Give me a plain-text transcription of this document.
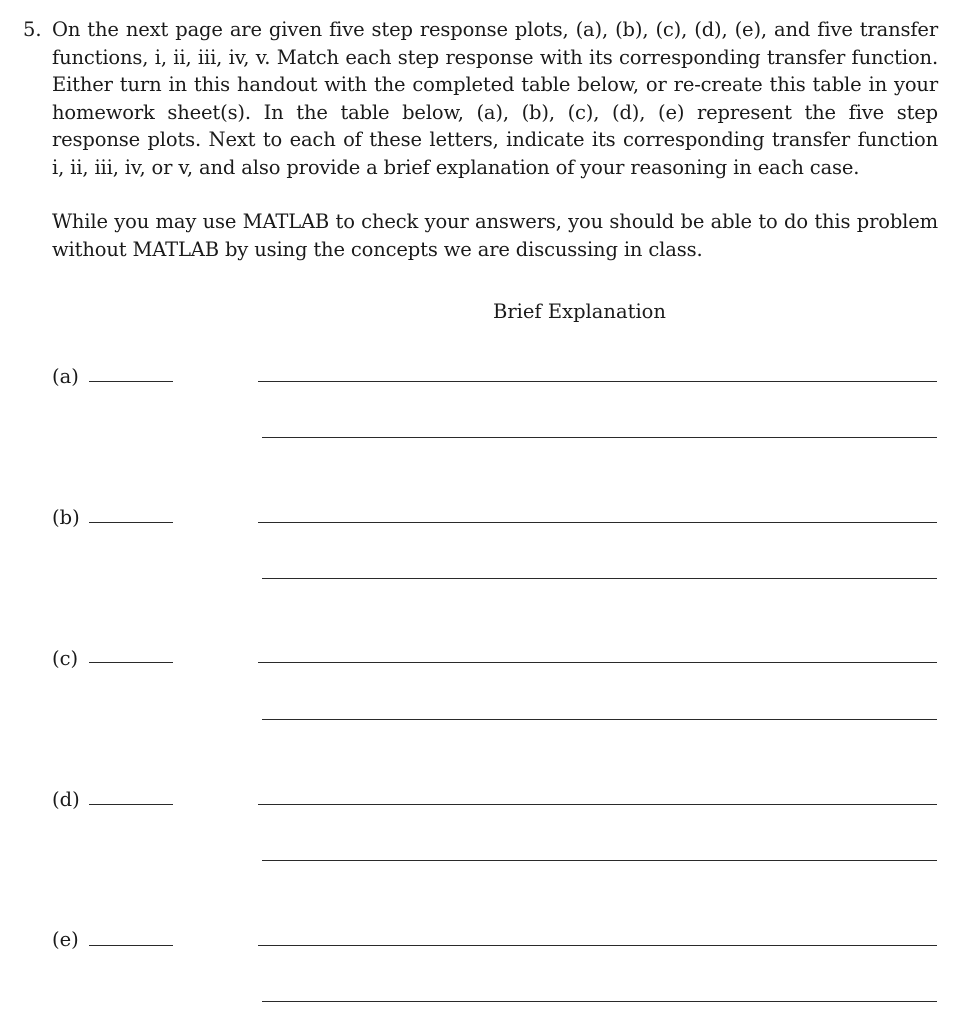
5. On the next page are given five step response plots, (a), (b), (c), (d), (e), and five transfer functions, i, ii, iii, iv, v. Match each step response with its corresponding transfer function. Either turn in this handout with the completed table below, or re-create this table in your homework sheet(s). In the table below, (a), (b), (c), (d), (e) represent the five step response plots. Next to each of these letters, indicate its corresponding transfer function i, ii, iii, iv, or v, and also provide a brief explanation of your reasoning in each case.

While you may use MATLAB to check your answers, you should be able to do this problem without MATLAB by using the concepts we are discussing in class.

Brief Explanation
(a)
(b)
(c)
(d)
(e)
